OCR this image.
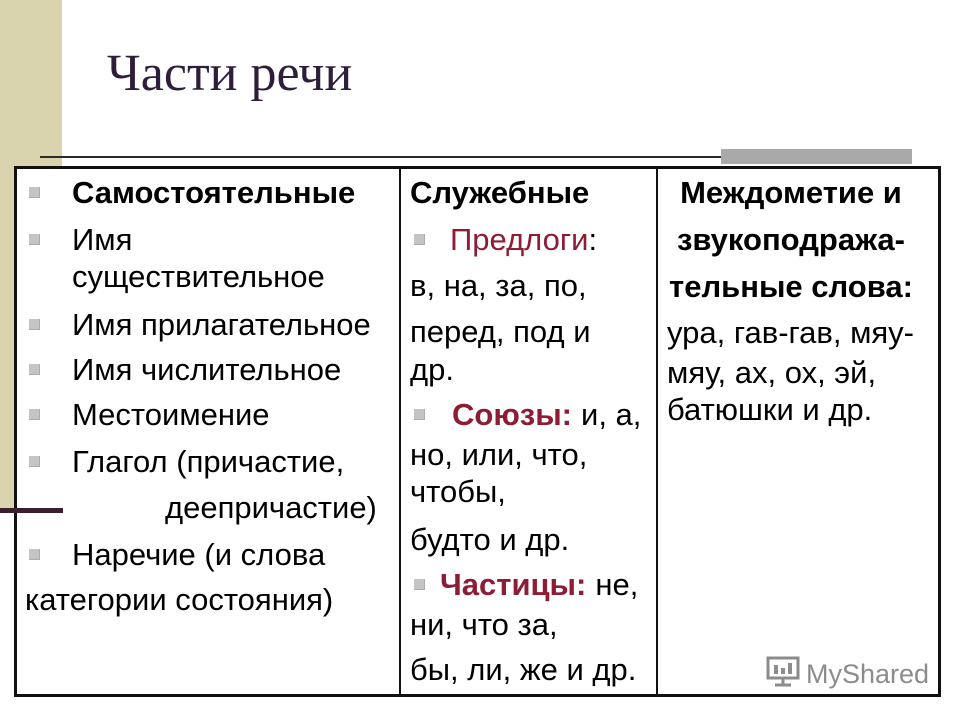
Части речи
Самостоятельные
Имя
существительное
Имя прилагательное
Имя числительное
Местоимение
Глагол (причастие,
деепричастие)
Наречие (и слова
категории состояния)
Служебные
Предлоги:
в, на, за, по,
перед, под и
др.
Союзы: и, а,
но, или, что,
чтобы,
будто и др.
Частицы: не,
ни, что за,
бы, ли, же и др.
Междометие и
звукоподража-
тельные слова:
ура, гав-гав, мяу-
мяу, ах, ох, эй,
батюшки и др.
MyShared
